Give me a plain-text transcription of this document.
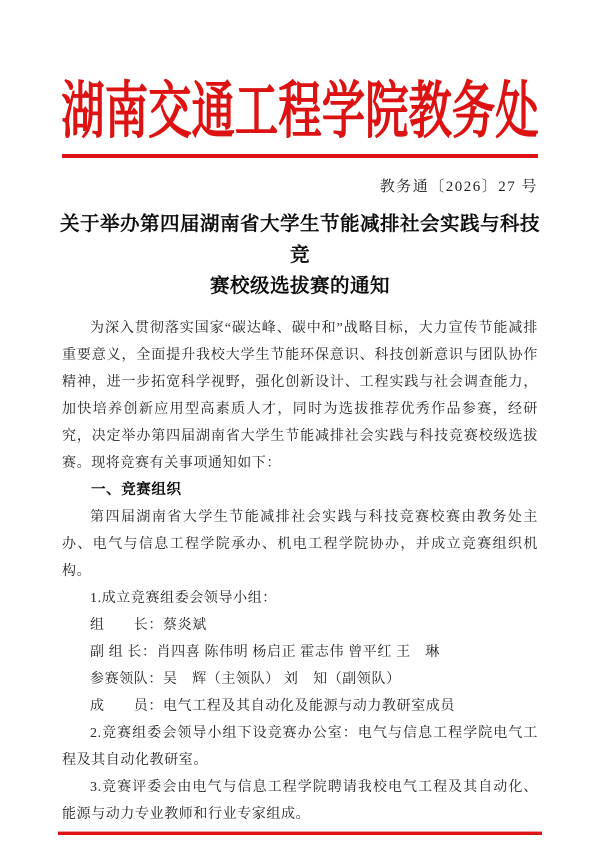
湖南交通工程学院教务处
教务通〔2026〕27 号
关于举办第四届湖南省大学生节能减排社会实践与科技竞
赛校级选拔赛的通知

为深入贯彻落实国家“碳达峰、碳中和”战略目标，大力宣传节能减排重要意义，全面提升我校大学生节能环保意识、科技创新意识与团队协作精神，进一步拓宽科学视野，强化创新设计、工程实践与社会调查能力，加快培养创新应用型高素质人才，同时为选拔推荐优秀作品参赛，经研究，决定举办第四届湖南省大学生节能减排社会实践与科技竞赛校级选拔赛。现将竞赛有关事项通知如下：

一、竞赛组织

第四届湖南省大学生节能减排社会实践与科技竞赛校赛由教务处主办、电气与信息工程学院承办、机电工程学院协办，并成立竞赛组织机构。

1.成立竞赛组委会领导小组：

组　　长：蔡炎斌

副 组 长：肖四喜 陈伟明 杨启正 霍志伟 曾平红 王　琳

参赛领队：吴　辉（主领队） 刘　知（副领队）

成　　员：电气工程及其自动化及能源与动力教研室成员

2.竞赛组委会领导小组下设竞赛办公室：电气与信息工程学院电气工程及其自动化教研室。

3.竞赛评委会由电气与信息工程学院聘请我校电气工程及其自动化、能源与动力专业教师和行业专家组成。
